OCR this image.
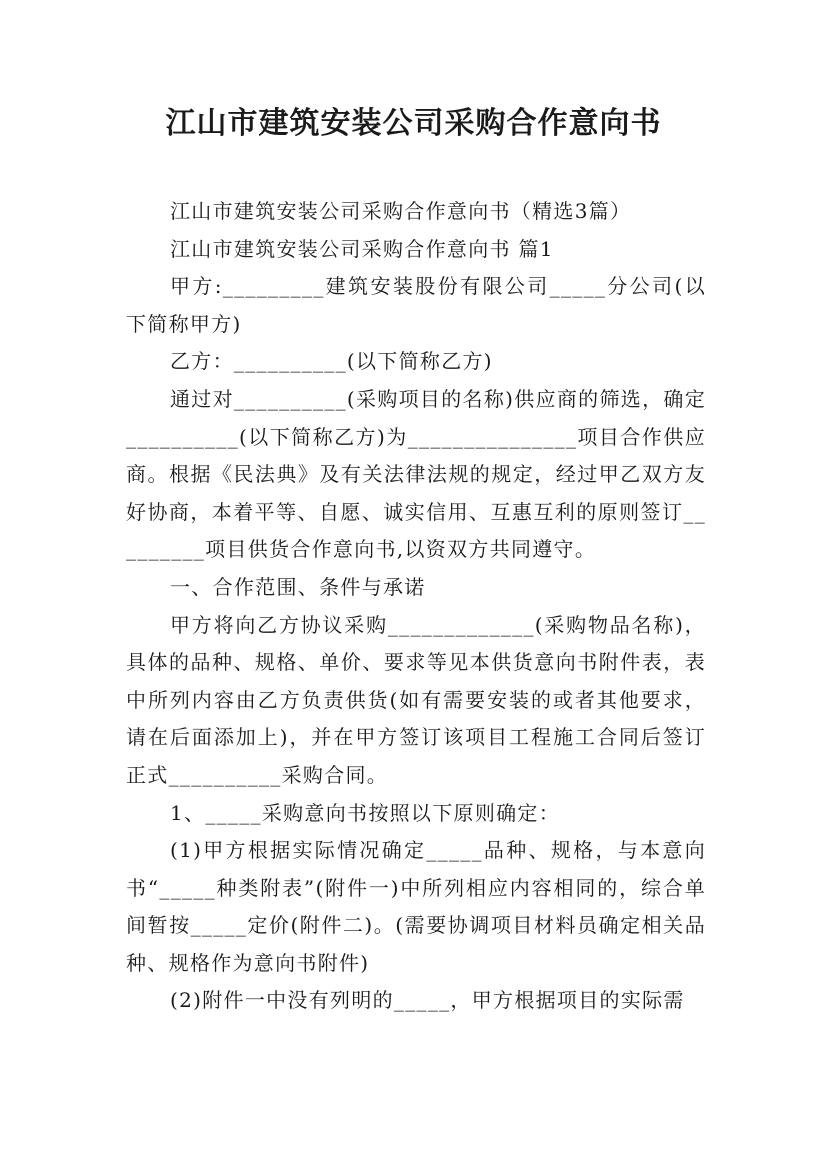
江山市建筑安装公司采购合作意向书

江山市建筑安装公司采购合作意向书（精选3篇）

江山市建筑安装公司采购合作意向书 篇1

甲方:_________建筑安装股份有限公司_____分公司(以下简称甲方)

乙方：__________(以下简称乙方)

通过对__________(采购项目的名称)供应商的筛选，确定__________(以下简称乙方)为_______________项目合作供应商。根据《民法典》及有关法律法规的规定，经过甲乙双方友好协商，本着平等、自愿、诚实信用、互惠互利的原则签订_________项目供货合作意向书,以资双方共同遵守。

一、合作范围、条件与承诺

甲方将向乙方协议采购_____________(采购物品名称)，具体的品种、规格、单价、要求等见本供货意向书附件表，表中所列内容由乙方负责供货(如有需要安装的或者其他要求，请在后面添加上)，并在甲方签订该项目工程施工合同后签订正式__________采购合同。

1、_____采购意向书按照以下原则确定：

(1)甲方根据实际情况确定_____品种、规格，与本意向书“_____种类附表”(附件一)中所列相应内容相同的，综合单间暂按_____定价(附件二)。(需要协调项目材料员确定相关品种、规格作为意向书附件)

(2)附件一中没有列明的_____，甲方根据项目的实际需
